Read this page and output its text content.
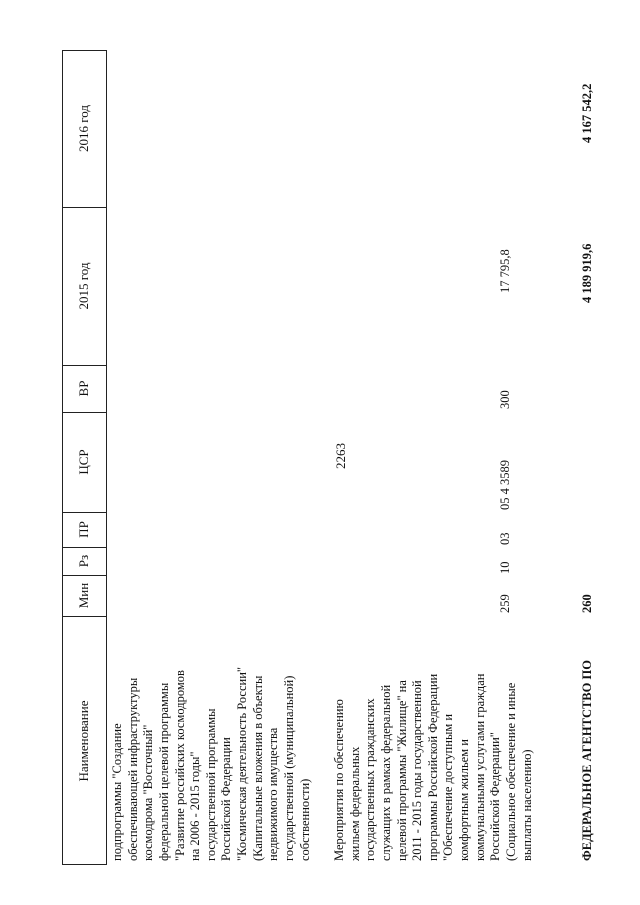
2263
Наименование
Мин
Рз
ПР
ЦСР
ВР
2015 год
2016 год

подпрограммы "Создание обеспечивающей инфраструктуры космодрома "Восточный" федеральной целевой программы "Развитие российских космодромов на 2006 - 2015 годы" государственной программы Российской Федерации "Космическая деятельность России" (Капитальные вложения в объекты недвижимого имущества государственной (муниципальной) собственности) Мероприятия по обеспечению жильем федеральных государственных гражданских служащих в рамках федеральной целевой программы "Жилище" на 2011 - 2015 годы государственной программы Российской Федерации "Обеспечение доступным и комфортным жильем и коммунальными услугами граждан Российской Федерации" (Социальное обеспечение и иные выплаты населению)

259
10
03
05 4 3589
300
17 795,8
ФЕДЕРАЛЬНОЕ АГЕНТСТВО ПО
260
4 189 919,6
4 167 542,2
